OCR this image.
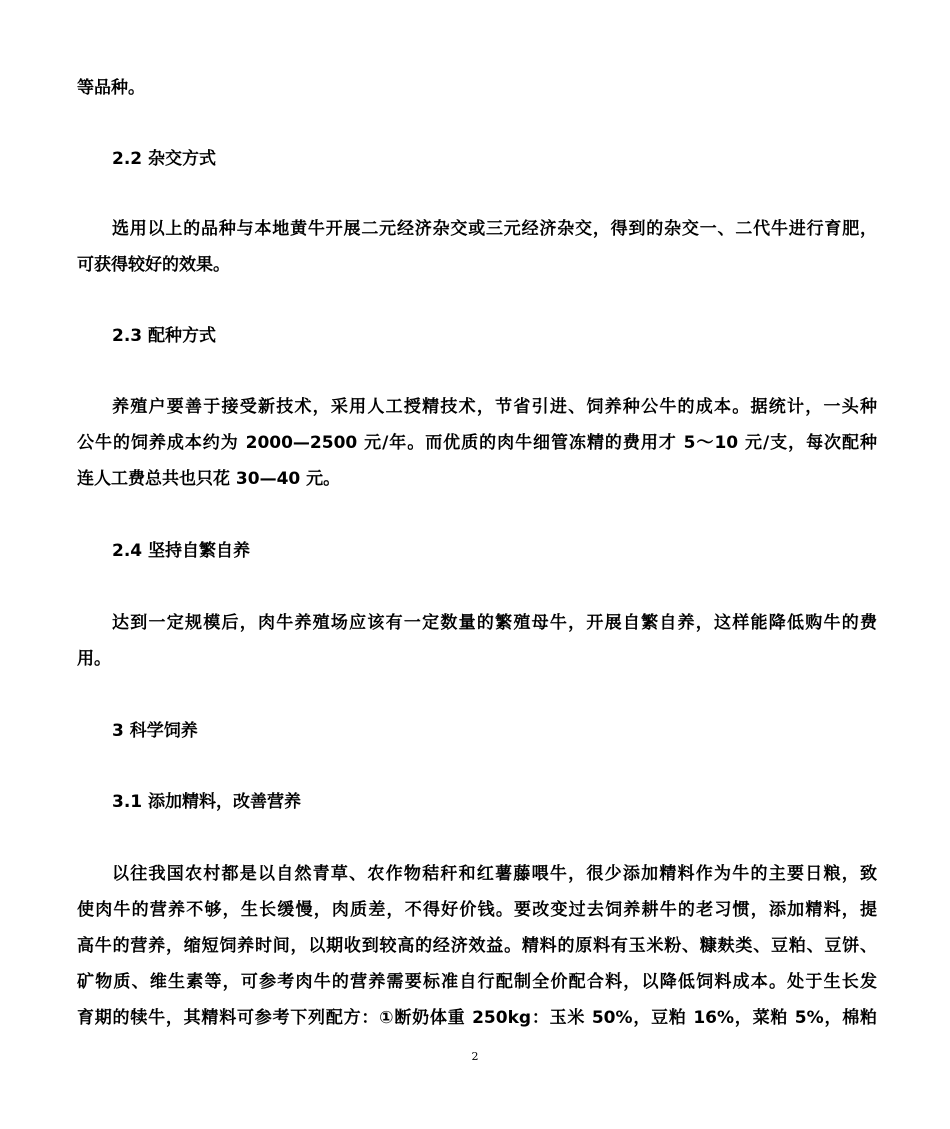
等品种。
2.2 杂交方式
选用以上的品种与本地黄牛开展二元经济杂交或三元经济杂交，得到的杂交一、二代牛进行育肥，
可获得较好的效果。
2.3 配种方式
养殖户要善于接受新技术，采用人工授精技术，节省引进、饲养种公牛的成本。据统计，一头种
公牛的饲养成本约为 2000—2500 元/年。而优质的肉牛细管冻精的费用才 5～10 元/支，每次配种
连人工费总共也只花 30—40 元。
2.4 坚持自繁自养
达到一定规模后，肉牛养殖场应该有一定数量的繁殖母牛，开展自繁自养，这样能降低购牛的费
用。
3 科学饲养
3.1 添加精料，改善营养
以往我国农村都是以自然青草、农作物秸秆和红薯藤喂牛，很少添加精料作为牛的主要日粮，致
使肉牛的营养不够，生长缓慢，肉质差，不得好价钱。要改变过去饲养耕牛的老习惯，添加精料，提
高牛的营养，缩短饲养时间，以期收到较高的经济效益。精料的原料有玉米粉、糠麸类、豆粕、豆饼、
矿物质、维生素等，可参考肉牛的营养需要标准自行配制全价配合料，以降低饲料成本。处于生长发
育期的犊牛，其精料可参考下列配方：①断奶体重 250kg：玉米 50%，豆粕 16%，菜粕 5%，棉粕
2
